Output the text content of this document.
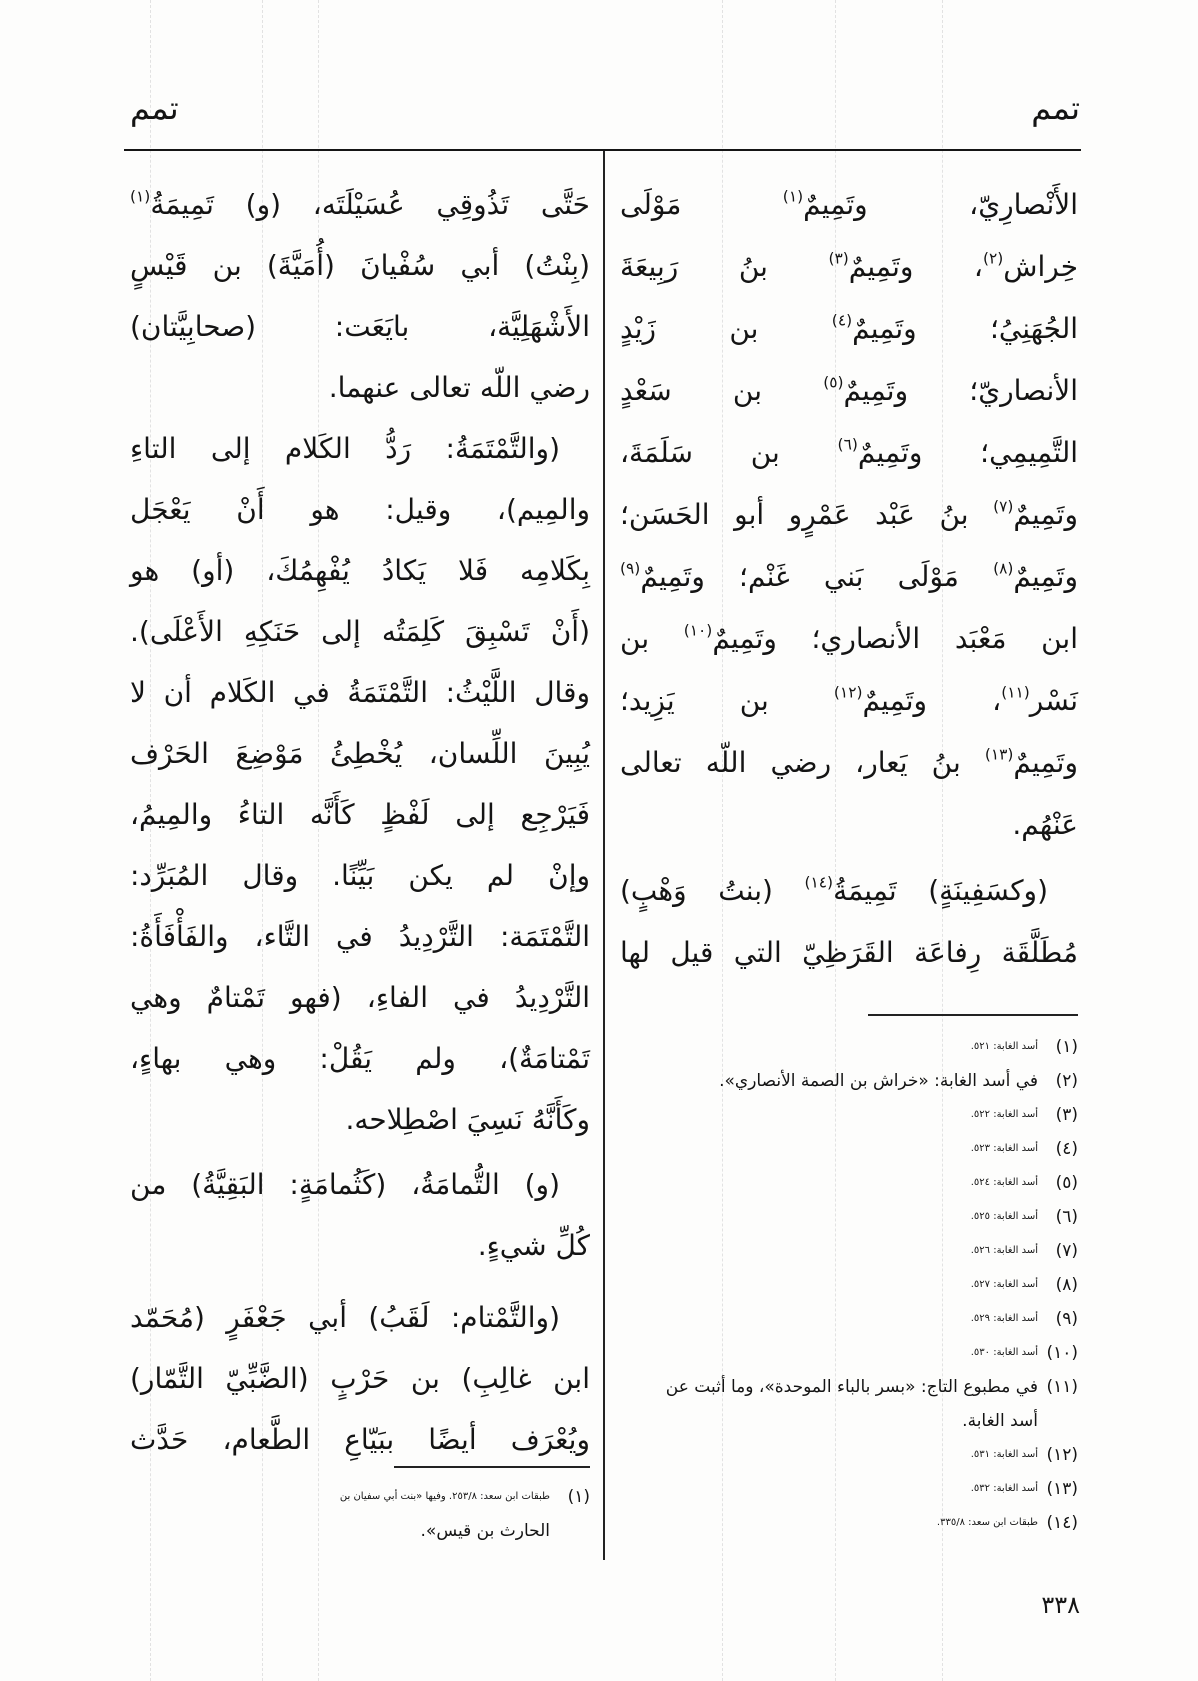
تمم
تمم
الأَنْصارِيّ، وتَمِيمٌ$^{(١)}$ مَوْلَى
خِراش$^{(٢)}$، وتَمِيمٌ$^{(٣)}$ بنُ رَبِيعَةَ
الجُهَنِيُ؛ وتَمِيمٌ$^{(٤)}$ بن زَيْدٍ
الأنصاريّ؛ وتَمِيمٌ$^{(٥)}$ بن سَعْدٍ
التَّمِيمِي؛ وتَمِيمٌ$^{(٦)}$ بن سَلَمَةَ،
وتَمِيمٌ$^{(٧)}$ بنُ عَبْد عَمْرٍو أبو الحَسَن؛
وتَمِيمٌ$^{(٨)}$ مَوْلَى بَني غَنْم؛ وتَمِيمٌ$^{(٩)}$
ابن مَعْبَد الأنصاري؛ وتَمِيمٌ$^{(١٠)}$ بن
نَسْر$^{(١١)}$، وتَمِيمٌ$^{(١٢)}$ بن يَزِيد؛
وتَمِيمٌ$^{(١٣)}$ بنُ يَعار، رضي اللّه تعالى
عَنْهُم.
(وكسَفِينَةٍ) تَمِيمَةُ$^{(١٤)}$ (بنتُ وَهْبٍ)
مُطَلَّقَة رِفاعَة القَرَظِيّ التي قيل لها
حَتَّى تَذُوقِي عُسَيْلَتَه، (و) تَمِيمَةُ$^{(١)}$
(بِنْتُ) أبي سُفْيانَ (أُمَيَّةَ) بن قَيْسٍ
الأَشْهَلِيَّة، بايَعَت: (صحابِيَّتان)
رضي اللّه تعالى عنهما.
(والتَّمْتَمَةُ: رَدُّ الكَلام إلى التاءِ
والمِيم)، وقيل: هو أَنْ يَعْجَل
بِكَلامِه فَلا يَكادُ يُفْهِمُكَ، (أو) هو
(أَنْ تَسْبِقَ كَلِمَتُه إلى حَنَكِهِ الأَعْلَى).
وقال اللَّيْثُ: التَّمْتَمَةُ في الكَلام أن لا
يُبِينَ اللِّسان، يُخْطِئُ مَوْضِعَ الحَرْف
فَيَرْجِع إلى لَفْظٍ كَأَنَّه التاءُ والمِيمُ،
وإنْ لم يكن بَيِّنًا. وقال المُبَرِّد:
التَّمْتَمَة: التَّرْدِيدُ في التَّاء، والفَأْفَأَةُ:
التَّرْدِيدُ في الفاءِ، (فهو تَمْتامٌ وهي
تَمْتامَةٌ)، ولم يَقُلْ: وهي بهاءٍ،
وكَأَنَّهُ نَسِيَ اصْطِلاحه.
(و) التُّمامَةُ، (كَثُمامَةٍ: البَقِيَّةُ) من
كُلِّ شيءٍ.
(والتَّمْتام: لَقَبُ) أبي جَعْفَرٍ (مُحَمّد
ابن غالِبِ) بن حَرْبٍ (الضَّبِّيّ التَّمّار)
ويُعْرَف أيضًا ببَيّاعِ الطَّعام، حَدَّث
(١)
أسد الغابة: ٥٢١.
(٢)
في أسد الغابة: «خراش بن الصمة الأنصاري».
(٣)
أسد الغابة: ٥٢٢.
(٤)
أسد الغابة: ٥٢٣.
(٥)
أسد الغابة: ٥٢٤.
(٦)
أسد الغابة: ٥٢٥.
(٧)
أسد الغابة: ٥٢٦.
(٨)
أسد الغابة: ٥٢٧.
(٩)
أسد الغابة: ٥٢٩.
(١٠)
أسد الغابة: ٥٣٠.
(١١)
في مطبوع التاج: «بسر بالباء الموحدة»، وما أثبت عن
أسد الغابة.
(١٢)
أسد الغابة: ٥٣١.
(١٣)
أسد الغابة: ٥٣٢.
(١٤)
طبقات ابن سعد: ٣٣٥/٨.
(١)
طبقات ابن سعد: ٢٥٣/٨. وفيها «بنت أبي سفيان بن
الحارث بن قيس».
٣٣٨
